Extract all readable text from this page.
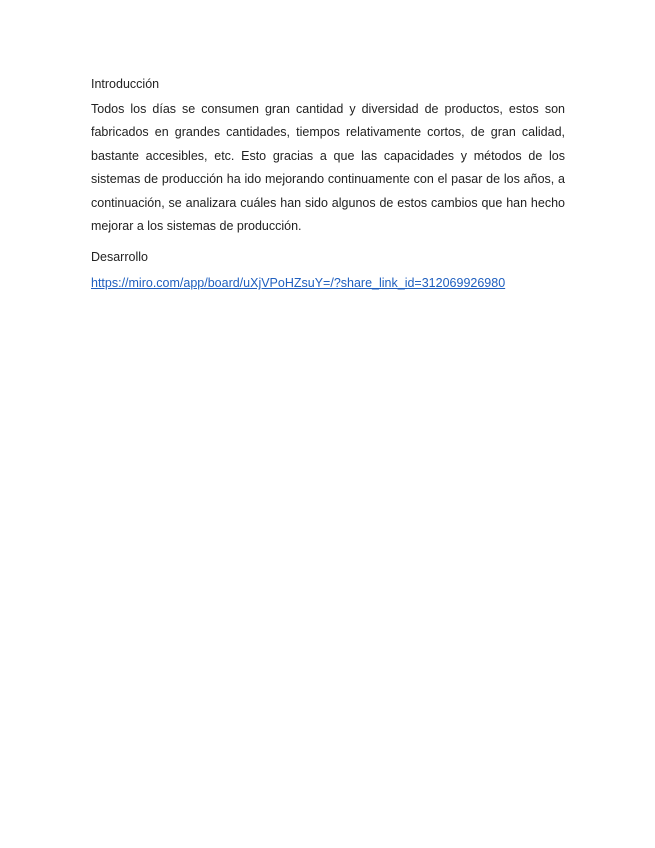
Introducción

Todos los días se consumen gran cantidad y diversidad de productos, estos son fabricados en grandes cantidades, tiempos relativamente cortos, de gran calidad, bastante accesibles, etc. Esto gracias a que las capacidades y métodos de los sistemas de producción ha ido mejorando continuamente con el pasar de los años, a continuación, se analizara cuáles han sido algunos de estos cambios que han hecho mejorar a los sistemas de producción.

Desarrollo
https://miro.com/app/board/uXjVPoHZsuY=/?share_link_id=312069926980
